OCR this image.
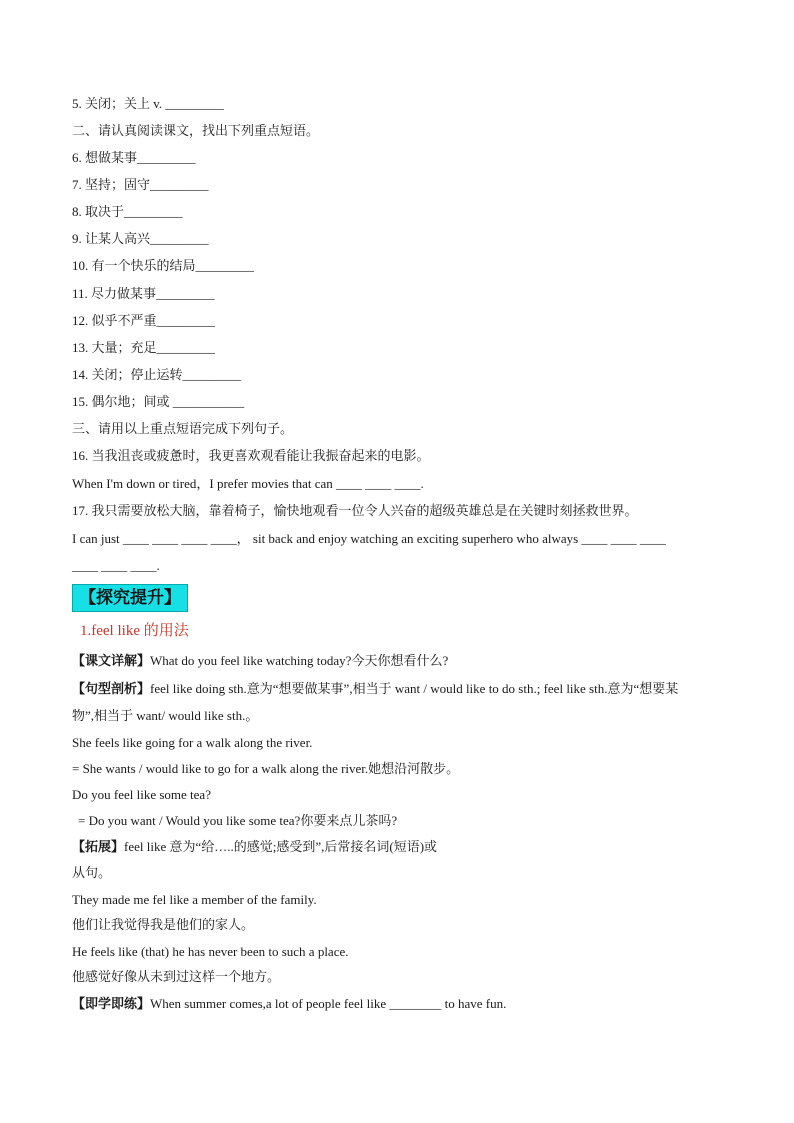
5. 关闭；关上 v. _________
二、请认真阅读课文，找出下列重点短语。
6. 想做某事_________
7. 坚持；固守_________
8. 取决于_________
9. 让某人高兴_________
10. 有一个快乐的结局_________
11. 尽力做某事_________
12. 似乎不严重_________
13. 大量；充足_________
14. 关闭；停止运转_________
15. 偶尔地；间或 ___________
三、请用以上重点短语完成下列句子。
16. 当我沮丧或疲惫时，我更喜欢观看能让我振奋起来的电影。
When I'm down or tired，I prefer movies that can ____ ____ ____.
17. 我只需要放松大脑，靠着椅子，愉快地观看一位令人兴奋的超级英雄总是在关键时刻拯救世界。
I can just ____ ____ ____ ____， sit back and enjoy watching an exciting superhero who always ____ ____ ____
____ ____ ____.
【探究提升】
1.feel like 的用法
【课文详解】What do you feel like watching today?今天你想看什么?
【句型剖析】feel like doing sth.意为“想要做某事”,相当于 want / would like to do sth.; feel like sth.意为“想要某
物”,相当于 want/ would like sth.。
She feels like going for a walk along the river.
= She wants / would like to go for a walk along the river.她想沿河散步。
Do you feel like some tea?
= Do you want / Would you like some tea?你要来点儿茶吗?
【拓展】feel like 意为“给…..的感觉;感受到”,后常接名词(短语)或
从句。
They made me fel like a member of the family.
他们让我觉得我是他们的家人。
He feels like (that) he has never been to such a place.
他感觉好像从未到过这样一个地方。
【即学即练】When summer comes,a lot of people feel like ________ to have fun.
